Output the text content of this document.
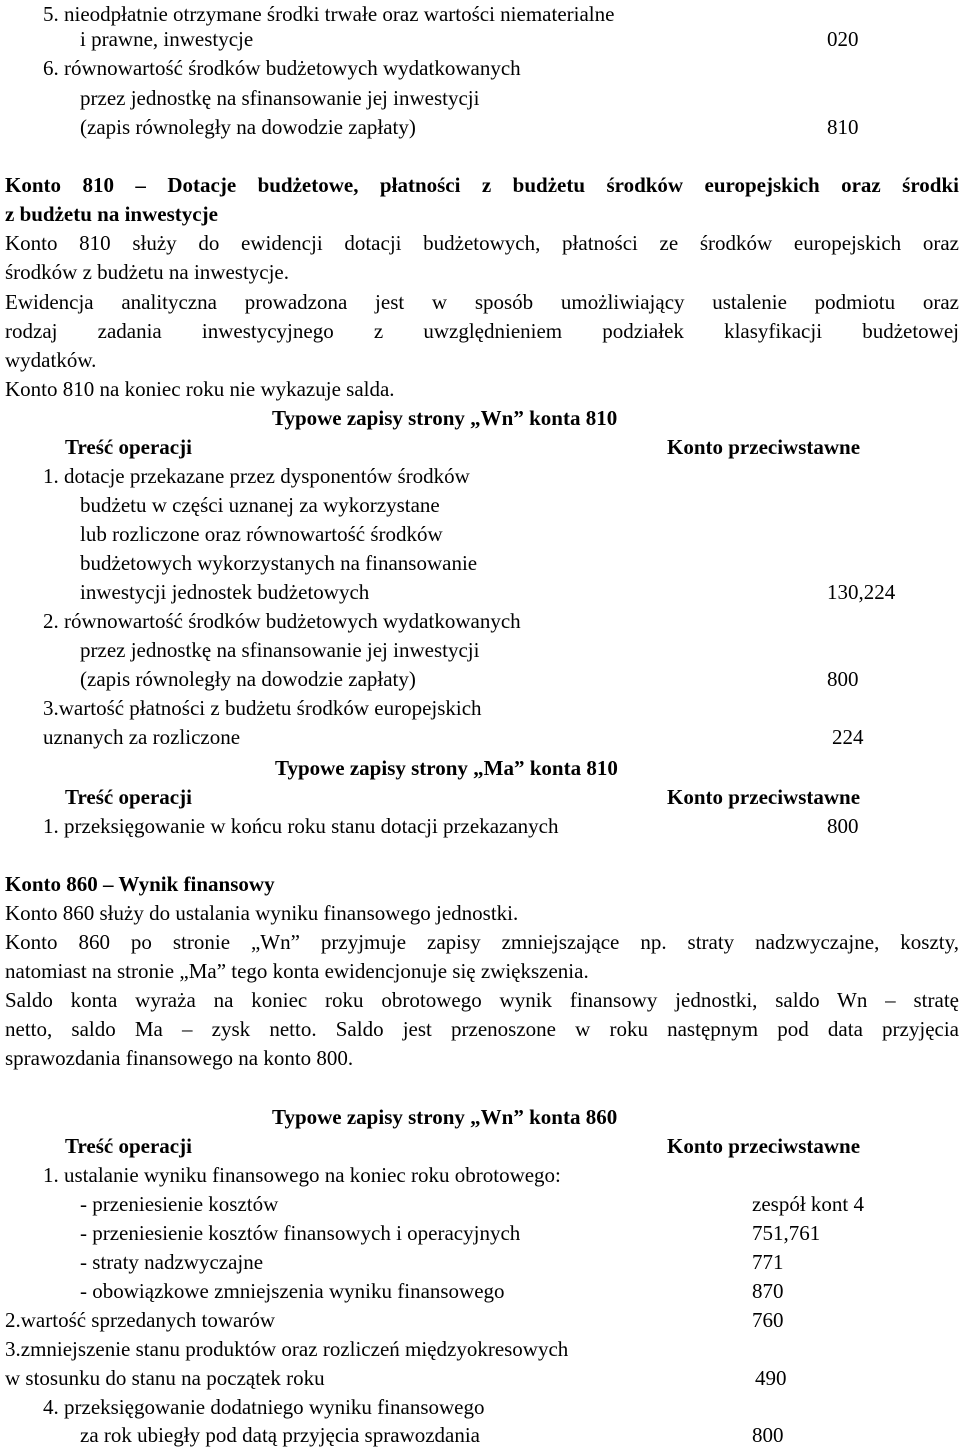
5. nieodpłatnie otrzymane środki trwałe oraz wartości niematerialne
i prawne, inwestycje	020
6. równowartość środków budżetowych wydatkowanych
przez jednostkę na sfinansowanie jej inwestycji
(zapis równoległy na dowodzie zapłaty)	810
Konto 810 – Dotacje budżetowe, płatności z budżetu środków europejskich oraz środki
z budżetu na inwestycje
Konto 810 służy do ewidencji dotacji budżetowych, płatności ze środków europejskich oraz
środków z budżetu na inwestycje.
Ewidencja analityczna prowadzona jest w sposób umożliwiający ustalenie podmiotu oraz
rodzaj zadania inwestycyjnego z uwzględnieniem podziałek klasyfikacji budżetowej
wydatków.
Konto 810 na koniec roku nie wykazuje salda.
Typowe zapisy strony „Wn” konta 810
Treść operacji	Konto przeciwstawne
1. dotacje przekazane przez dysponentów środków
budżetu w części uznanej za wykorzystane
lub rozliczone oraz równowartość środków
budżetowych wykorzystanych na finansowanie
inwestycji jednostek budżetowych	130,224
2. równowartość środków budżetowych wydatkowanych
przez jednostkę na sfinansowanie jej inwestycji
(zapis równoległy na dowodzie zapłaty)	800
3.wartość płatności z budżetu środków europejskich
uznanych za rozliczone	224
Typowe zapisy strony „Ma” konta 810
Treść operacji	Konto przeciwstawne
1. przeksięgowanie w końcu roku stanu dotacji przekazanych	800
Konto 860 – Wynik finansowy
Konto 860 służy do ustalania wyniku finansowego jednostki.
Konto 860 po stronie „Wn” przyjmuje zapisy zmniejszające np. straty nadzwyczajne, koszty,
natomiast na stronie „Ma” tego konta ewidencjonuje się zwiększenia.
Saldo konta wyraża na koniec roku obrotowego wynik finansowy jednostki, saldo Wn – stratę
netto, saldo Ma – zysk netto. Saldo jest przenoszone w roku następnym pod data przyjęcia
sprawozdania finansowego na konto 800.
Typowe zapisy strony „Wn” konta 860
Treść operacji	Konto przeciwstawne
1. ustalanie wyniku finansowego na koniec roku obrotowego:
- przeniesienie kosztów	zespół kont 4
- przeniesienie kosztów finansowych i operacyjnych	751,761
- straty nadzwyczajne	771
- obowiązkowe zmniejszenia wyniku finansowego	870
2.wartość sprzedanych towarów	760
3.zmniejszenie stanu produktów oraz rozliczeń międzyokresowych
w stosunku do stanu na początek roku	490
4. przeksięgowanie dodatniego wyniku finansowego
za rok ubiegły pod datą przyjęcia sprawozdania	800
